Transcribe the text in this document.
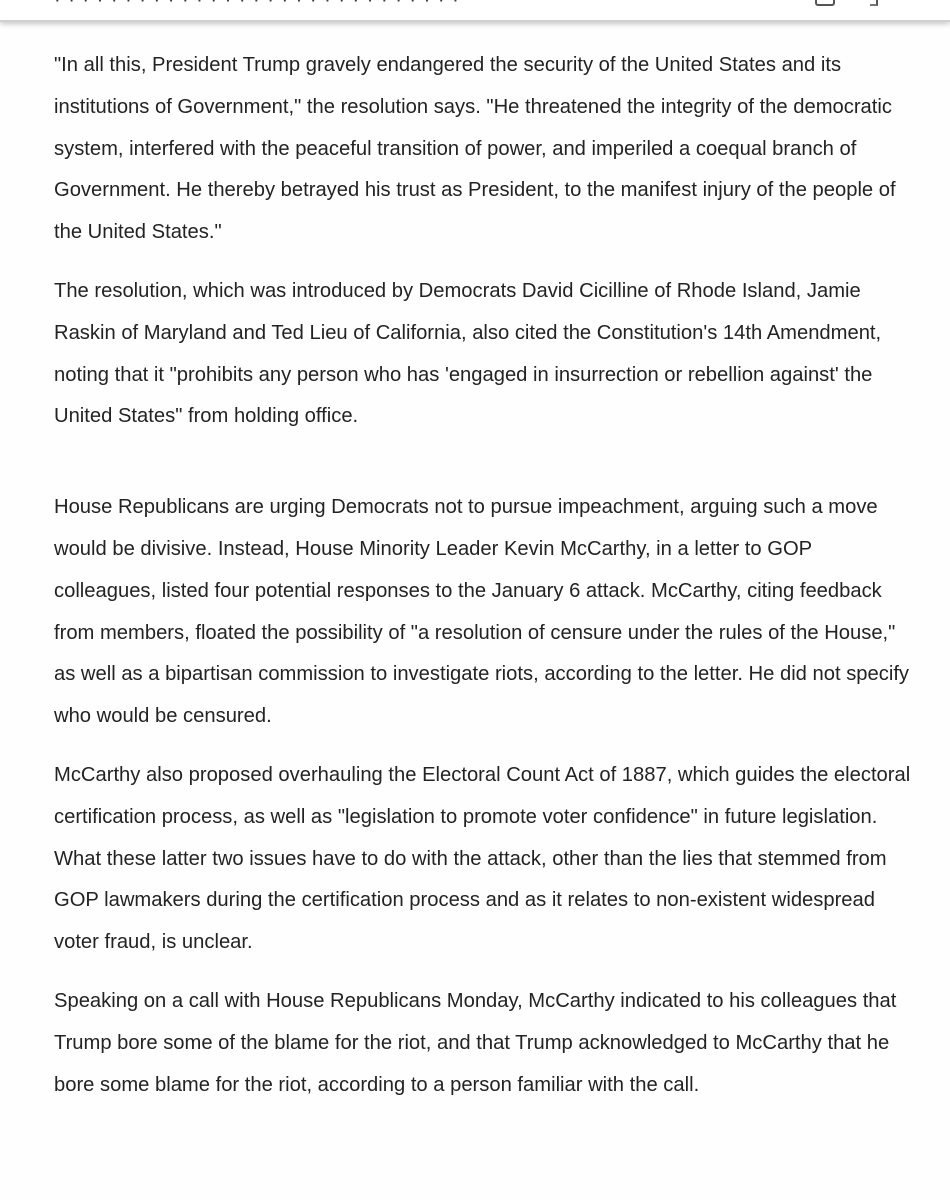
· · · · · · · · · · · · · · · · · · · · · · · · · · · · ·

"In all this, President Trump gravely endangered the security of the United States and its institutions of Government," the resolution says. "He threatened the integrity of the democratic system, interfered with the peaceful transition of power, and imperiled a coequal branch of Government. He thereby betrayed his trust as President, to the manifest injury of the people of the United States."

The resolution, which was introduced by Democrats David Cicilline of Rhode Island, Jamie Raskin of Maryland and Ted Lieu of California, also cited the Constitution's 14th Amendment, noting that it "prohibits any person who has 'engaged in insurrection or rebellion against' the United States" from holding office.

House Republicans are urging Democrats not to pursue impeachment, arguing such a move would be divisive. Instead, House Minority Leader Kevin McCarthy, in a letter to GOP colleagues, listed four potential responses to the January 6 attack. McCarthy, citing feedback from members, floated the possibility of "a resolution of censure under the rules of the House," as well as a bipartisan commission to investigate riots, according to the letter. He did not specify who would be censured.

McCarthy also proposed overhauling the Electoral Count Act of 1887, which guides the electoral certification process, as well as "legislation to promote voter confidence" in future legislation. What these latter two issues have to do with the attack, other than the lies that stemmed from GOP lawmakers during the certification process and as it relates to non-existent widespread voter fraud, is unclear.

Speaking on a call with House Republicans Monday, McCarthy indicated to his colleagues that Trump bore some of the blame for the riot, and that Trump acknowledged to McCarthy that he bore some blame for the riot, according to a person familiar with the call.
